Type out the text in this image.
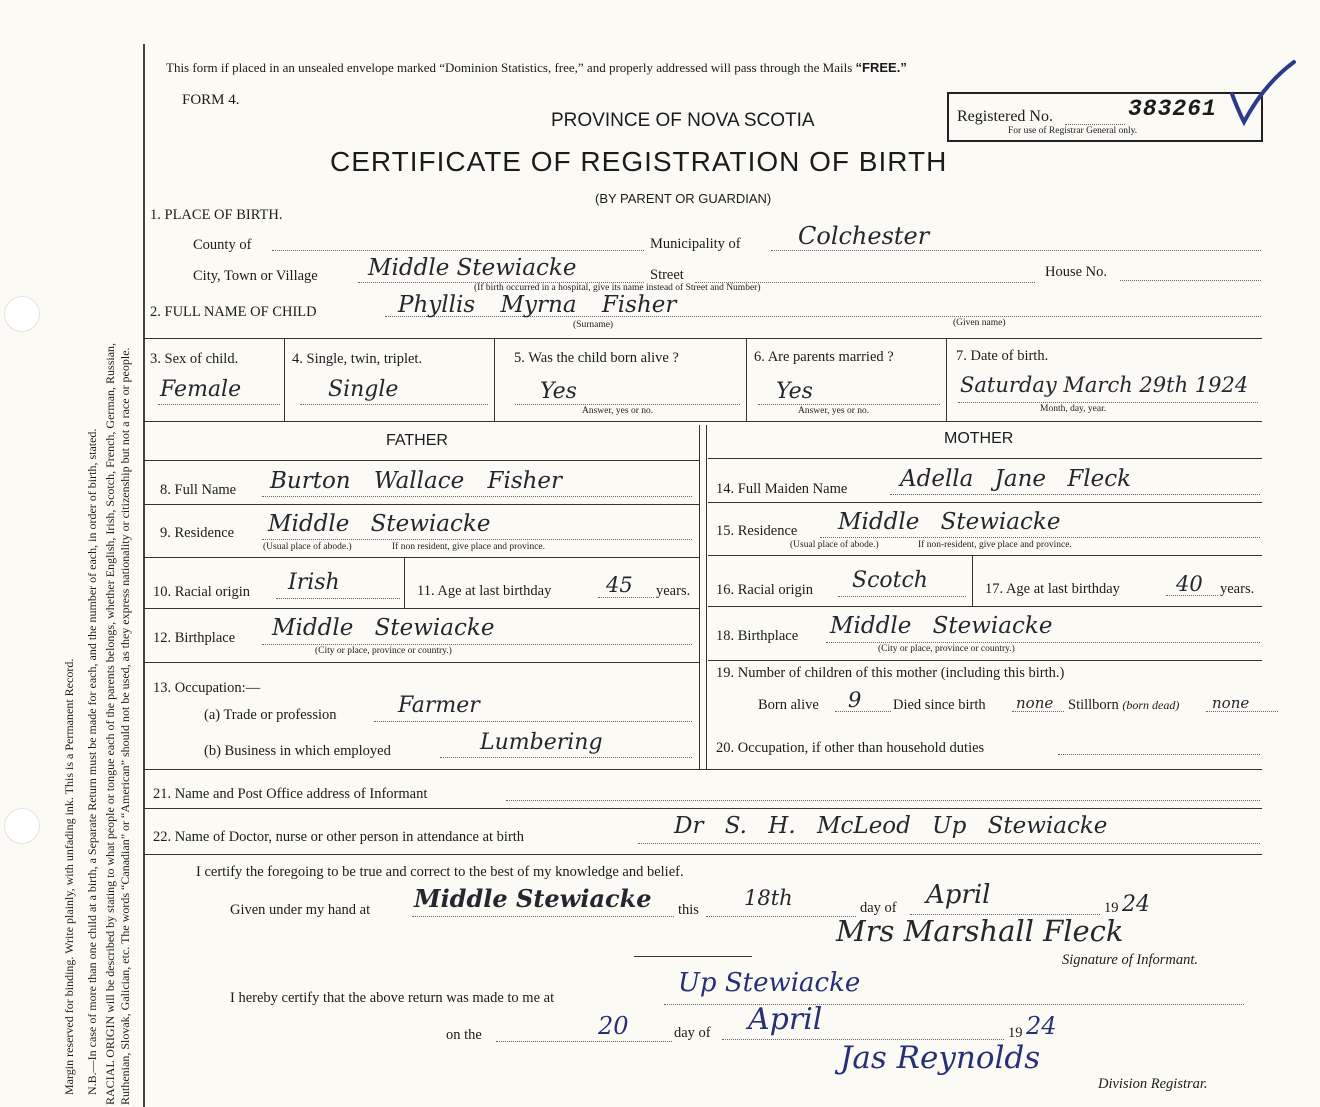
Margin reserved for binding. Write plainly, with unfading ink. This is a Permanent Record. N.B.—In case of more than one child at a birth, a Separate Return must be made for each, and the number of each, in order of birth, stated. RACIAL ORIGIN will be described by stating to what people or tongue each of the parents belongs, whether English, Irish, Scotch, French, German, Russian, Ruthenian, Slovak, Galician, etc. The words “Canadian” or “American” should not be used, as they express nationality or citizenship but not a race or people.
This form if placed in an unsealed envelope marked “Dominion Statistics, free,” and properly addressed will pass through the Mails “FREE.”
FORM 4.
PROVINCE OF NOVA SCOTIA
CERTIFICATE OF REGISTRATION OF BIRTH
(BY PARENT OR GUARDIAN)
Registered No.	383261
For use of Registrar General only.
1. PLACE OF BIRTH.
County of	Municipality of Colchester
City, Town or Village Middle Stewiacke	Street	House No.
(If birth occurred in a hospital, give its name instead of Street and Number)
2. FULL NAME OF CHILD	Phyllis Myrna Fisher
(Surname)	(Given name)
3. Sex of child.
Female
4. Single, twin, triplet.
Single
5. Was the child born alive ?
Yes
Answer, yes or no.
6. Are parents married ?
Yes
Answer, yes or no.
7. Date of birth.
Saturday March 29th 1924
Month, day, year.
FATHER	MOTHER
8. Full Name Burton Wallace Fisher
9. Residence Middle Stewiacke
(Usual place of abode.)	If non resident, give place and province.
10. Racial origin Irish	11. Age at last birthday	45 years.
12. Birthplace Middle Stewiacke
(City or place, province or country.)
13. Occupation:—
(a) Trade or profession	Farmer
(b) Business in which employed	Lumbering
14. Full Maiden Name Adella Jane Fleck
15. Residence Middle Stewiacke
(Usual place of abode.)	If non-resident, give place and province.
16. Racial origin Scotch	17. Age at last birthday	40 years.
18. Birthplace Middle Stewiacke
(City or place, province or country.)
19. Number of children of this mother (including this birth.)
Born alive 9 Died since birth none Stillborn (born dead) none
20. Occupation, if other than household duties
21. Name and Post Office address of Informant
22. Name of Doctor, nurse or other person in attendance at birth	Dr S. H. McLeod Up Stewiacke
I certify the foregoing to be true and correct to the best of my knowledge and belief.
Given under my hand at Middle Stewiacke this 18th	day of April	19 24
Mrs Marshall Fleck
Signature of Informant.
I hereby certify that the above return was made to me at	Up Stewiacke
on the	20	day of April	19 24
Jas Reynolds
Division Registrar.
